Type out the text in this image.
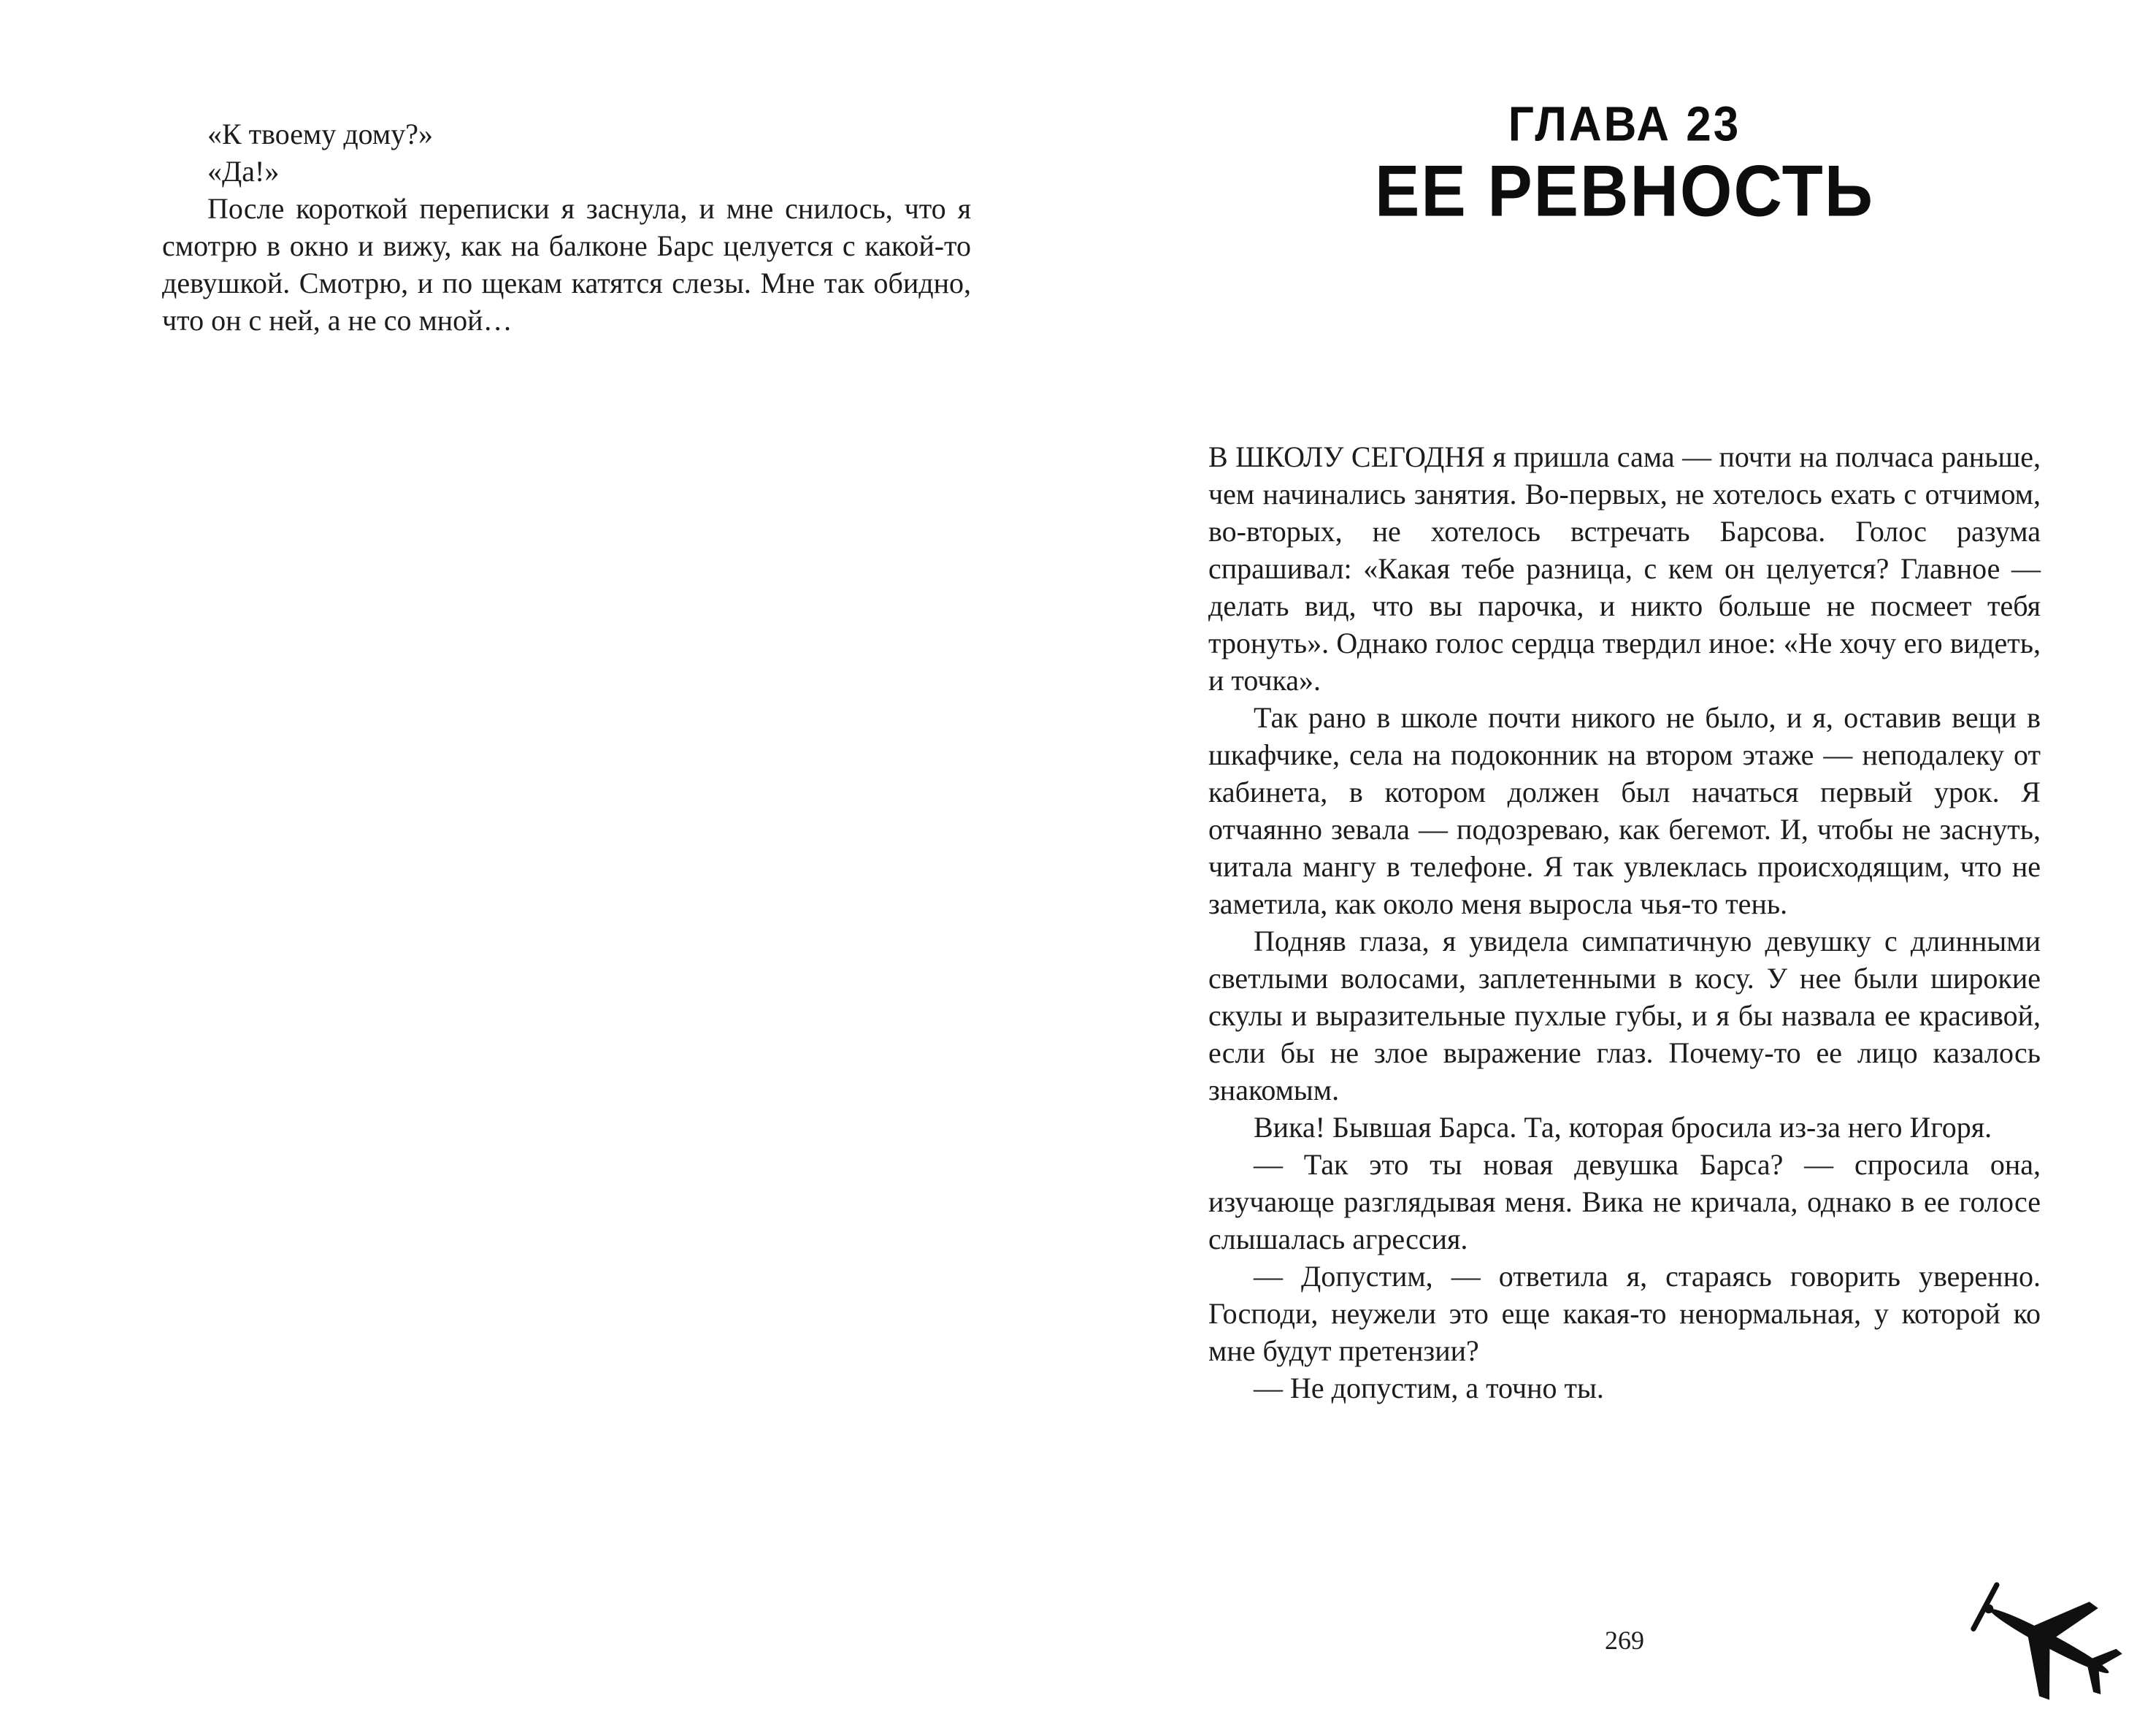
«К твоему дому?»

«Да!»

После короткой переписки я заснула, и мне снилось, что я смотрю в окно и вижу, как на балконе Барс целуется с какой-то девушкой. Смотрю, и по щекам катятся слезы. Мне так обидно, что он с ней, а не со мной…

ГЛАВА 23
ЕЕ РЕВНОСТЬ

В ШКОЛУ СЕГОДНЯ я пришла сама — почти на полчаса раньше, чем начинались занятия. Во-первых, не хотелось ехать с отчимом, во-вторых, не хотелось встречать Барсова. Голос разума спрашивал: «Какая тебе разница, с кем он целуется? Главное — делать вид, что вы парочка, и никто больше не посмеет тебя тронуть». Однако голос сердца твердил иное: «Не хочу его видеть, и точка».

Так рано в школе почти никого не было, и я, оставив вещи в шкафчике, села на подоконник на втором этаже — неподалеку от кабинета, в котором должен был начаться первый урок. Я отчаянно зевала — подозреваю, как бегемот. И, чтобы не заснуть, читала мангу в телефоне. Я так увлеклась происходящим, что не заметила, как около меня выросла чья-то тень.

Подняв глаза, я увидела симпатичную девушку с длинными светлыми волосами, заплетенными в косу. У нее были широкие скулы и выразительные пухлые губы, и я бы назвала ее красивой, если бы не злое выражение глаз. Почему-то ее лицо казалось знакомым.

Вика! Бывшая Барса. Та, которая бросила из-за него Игоря.

— Так это ты новая девушка Барса? — спросила она, изучающе разглядывая меня. Вика не кричала, однако в ее голосе слышалась агрессия.

— Допустим, — ответила я, стараясь говорить уверенно. Господи, неужели это еще какая-то ненормальная, у которой ко мне будут претензии?

— Не допустим, а точно ты.

269
